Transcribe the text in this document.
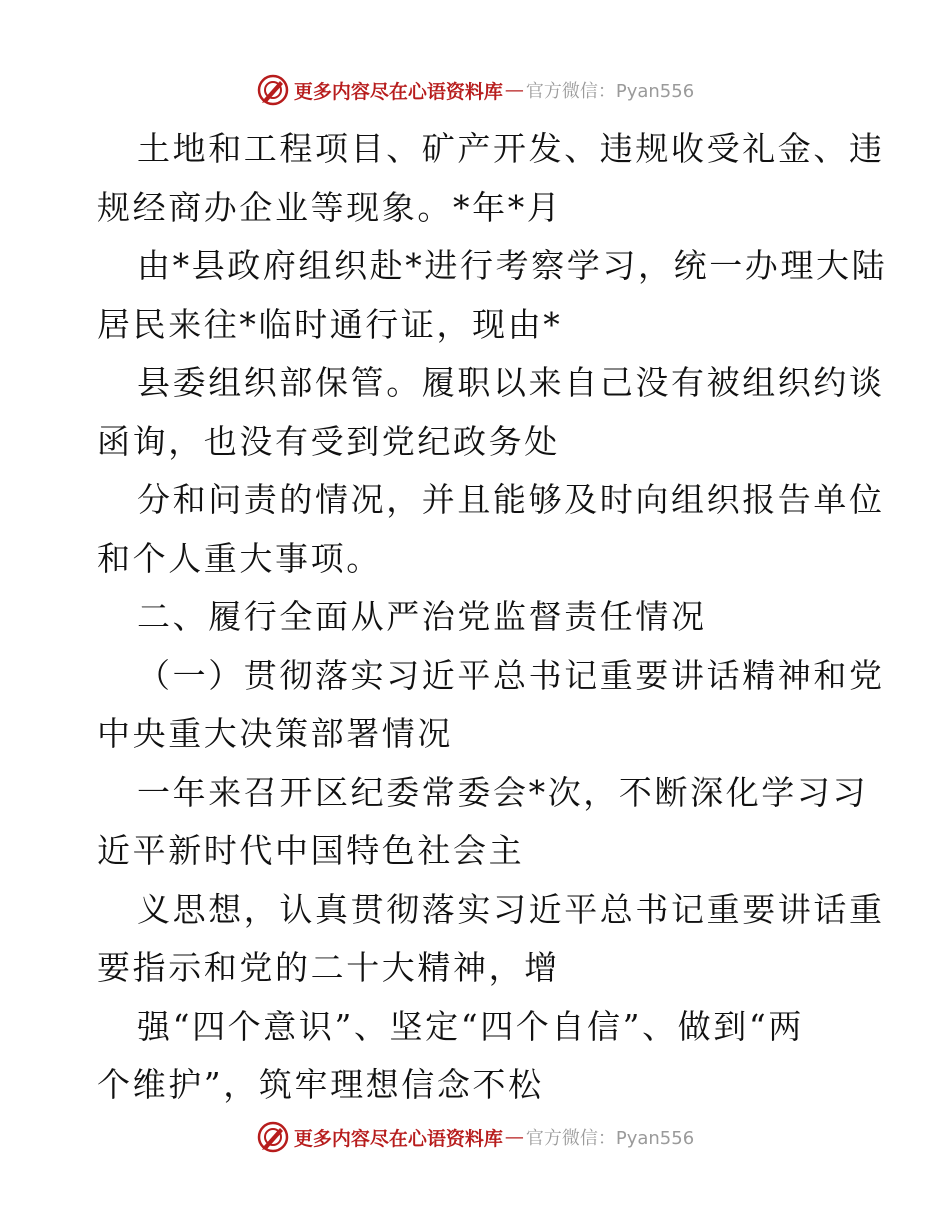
更多内容尽在心语资料库 — 官方微信：Pyan556
土地和工程项目、矿产开发、违规收受礼金、违
规经商办企业等现象。*年*月
由*县政府组织赴*进行考察学习，统一办理大陆
居民来往*临时通行证，现由*
县委组织部保管。履职以来自己没有被组织约谈
函询，也没有受到党纪政务处
分和问责的情况，并且能够及时向组织报告单位
和个人重大事项。
二、履行全面从严治党监督责任情况
（一）贯彻落实习近平总书记重要讲话精神和党
中央重大决策部署情况
一年来召开区纪委常委会*次，不断深化学习习
近平新时代中国特色社会主
义思想，认真贯彻落实习近平总书记重要讲话重
要指示和党的二十大精神，增
强“四个意识”、坚定“四个自信”、做到“两
个维护”，筑牢理想信念不松
更多内容尽在心语资料库 — 官方微信：Pyan556
